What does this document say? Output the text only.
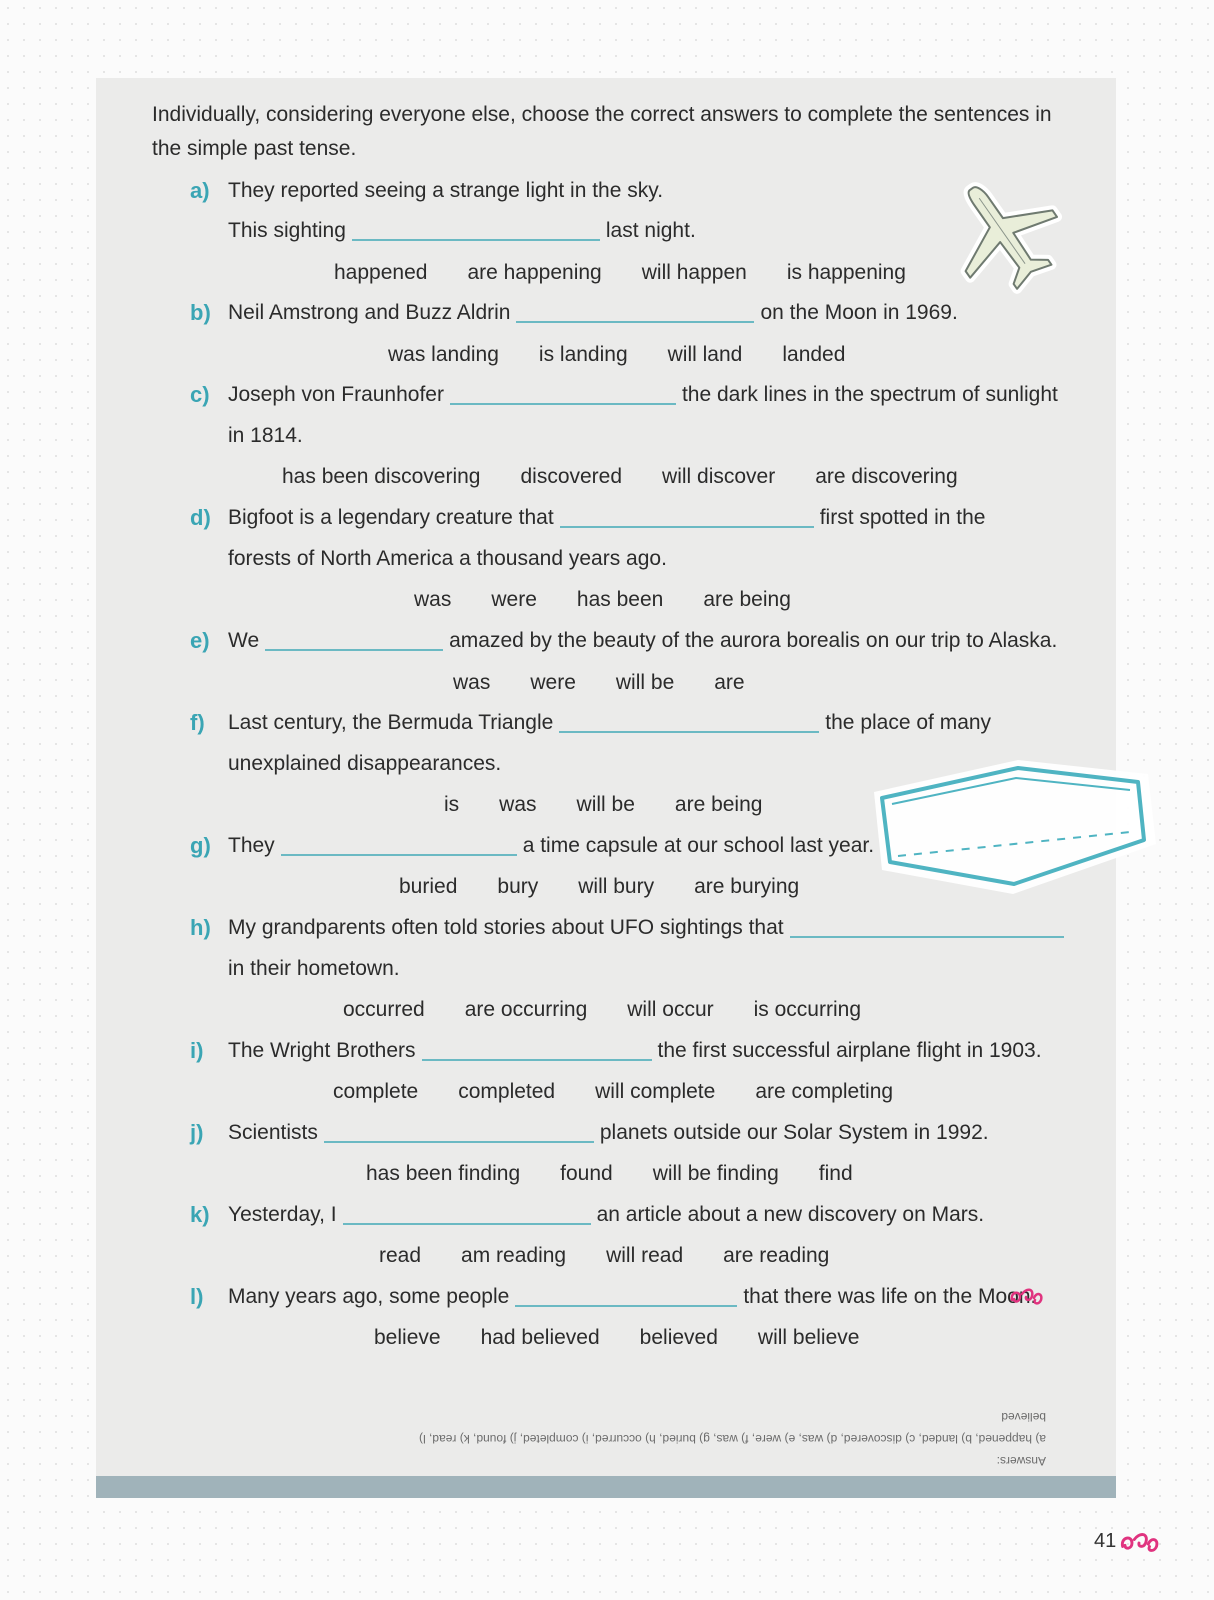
Individually, considering everyone else, choose the correct answers to complete the sentences in the simple past tense.

a) They reported seeing a strange light in the sky.
This sighting	last night.
happened are happening will happen is happening
b) Neil Amstrong and Buzz Aldrin	on the Moon in 1969.
was landing is landing will land landed
c) Joseph von Fraunhofer	the dark lines in the spectrum of sunlight
in 1814.
has been discovering discovered will discover are discovering
d) Bigfoot is a legendary creature that	first spotted in the
forests of North America a thousand years ago.
was were has been are being
e) We	amazed by the beauty of the aurora borealis on our trip to Alaska.
was were will be are
f) Last century, the Bermuda Triangle	the place of many
unexplained disappearances.
is was will be are being
g) They	a time capsule at our school last year.
buried bury will bury are burying
h) My grandparents often told stories about UFO sightings that
in their hometown.
occurred are occurring will occur is occurring
i) The Wright Brothers	the first successful airplane flight in 1903.
complete completed will complete are completing
j) Scientists	planets outside our Solar System in 1992.
has been finding found will be finding find
k) Yesterday, I	an article about a new discovery on Mars.
read am reading will read are reading
l) Many years ago, some people	that there was life on the Moon.
believe had believed believed will believe
Answers:
a) happened, b) landed, c) discovered, d) was, e) were, f) was, g) buried, h) occurred, i) completed, j) found, k) read, l) believed
41
